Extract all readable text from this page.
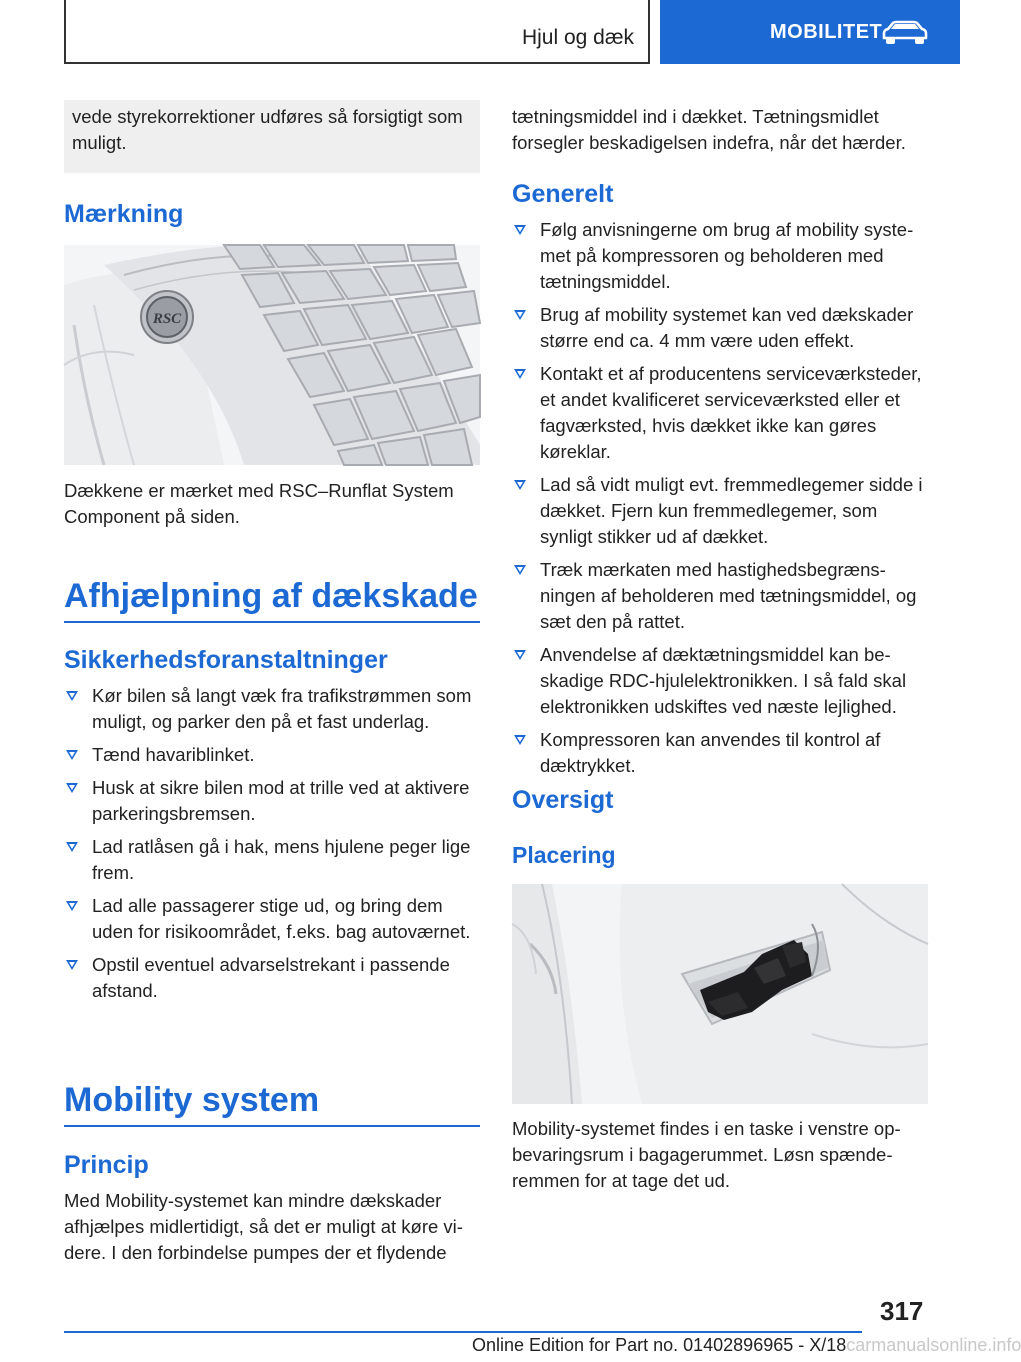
Hjul og dæk	MOBILITET
vede styrekorrektioner udføres så forsigtigt som muligt.
Mærkning
RSC
Dækkene er mærket med RSC–Runflat System Component på siden.
Afhjælpning af dækskade
Sikkerhedsforanstaltninger
Kør bilen så langt væk fra trafikstrømmen som muligt, og parker den på et fast underlag.
Tænd havariblinket.
Husk at sikre bilen mod at trille ved at aktivere parkeringsbremsen.
Lad ratlåsen gå i hak, mens hjulene peger lige frem.
Lad alle passagerer stige ud, og bring dem uden for risikoområdet, f.eks. bag autoværnet.
Opstil eventuel advarselstrekant i passende afstand.
Mobility system
Princip
Med Mobility-systemet kan mindre dækskader afhjælpes midlertidigt, så det er muligt at køre videre. I den forbindelse pumpes der et flydende
tætningsmiddel ind i dækket. Tætningsmidlet forsegler beskadigelsen indefra, når det hærder.
Generelt
Følg anvisningerne om brug af mobility systemet på kompressoren og beholderen med tætningsmiddel.
Brug af mobility systemet kan ved dækskader større end ca. 4 mm være uden effekt.
Kontakt et af producentens serviceværksteder, et andet kvalificeret serviceværksted eller et fagværksted, hvis dækket ikke kan gøres køreklar.
Lad så vidt muligt evt. fremmedlegemer sidde i dækket. Fjern kun fremmedlegemer, som synligt stikker ud af dækket.
Træk mærkaten med hastighedsbegrænsningen af beholderen med tætningsmiddel, og sæt den på rattet.
Anvendelse af dæktætningsmiddel kan beskadige RDC-hjulelektronikken. I så fald skal elektronikken udskiftes ved næste lejlighed.
Kompressoren kan anvendes til kontrol af dæktrykket.
Oversigt
Placering
Mobility-systemet findes i en taske i venstre opbevaringsrum i bagagerummet. Løsn spænderemmen for at tage det ud.
317
Online Edition for Part no. 01402896965 - X/18carmanualsonline.info
